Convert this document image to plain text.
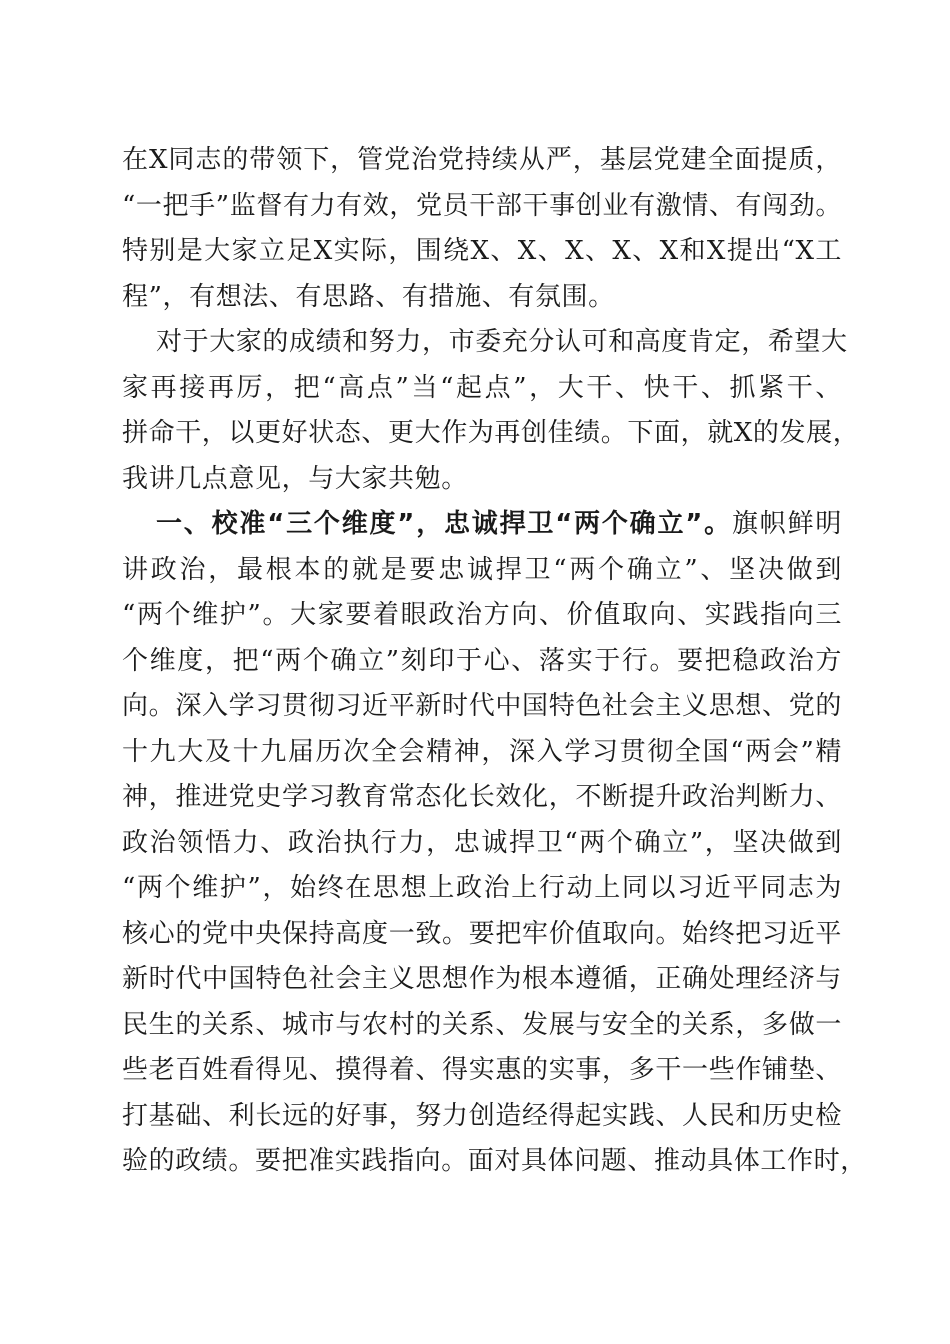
在X同志的带领下，管党治党持续从严，基层党建全面提质，
“一把手”监督有力有效，党员干部干事创业有激情、有闯劲。
特别是大家立足X实际，围绕X、X、X、X、X和X提出“X工
程”，有想法、有思路、有措施、有氛围。
对于大家的成绩和努力，市委充分认可和高度肯定，希望大
家再接再厉，把“高点”当“起点”，大干、快干、抓紧干、
拼命干，以更好状态、更大作为再创佳绩。下面，就X的发展，
我讲几点意见，与大家共勉。
一、校准“三个维度”，忠诚捍卫“两个确立”。旗帜鲜明
讲政治，最根本的就是要忠诚捍卫“两个确立”、坚决做到
“两个维护”。大家要着眼政治方向、价值取向、实践指向三
个维度，把“两个确立”刻印于心、落实于行。要把稳政治方
向。深入学习贯彻习近平新时代中国特色社会主义思想、党的
十九大及十九届历次全会精神，深入学习贯彻全国“两会”精
神，推进党史学习教育常态化长效化，不断提升政治判断力、
政治领悟力、政治执行力，忠诚捍卫“两个确立”，坚决做到
“两个维护”，始终在思想上政治上行动上同以习近平同志为
核心的党中央保持高度一致。要把牢价值取向。始终把习近平
新时代中国特色社会主义思想作为根本遵循，正确处理经济与
民生的关系、城市与农村的关系、发展与安全的关系，多做一
些老百姓看得见、摸得着、得实惠的实事，多干一些作铺垫、
打基础、利长远的好事，努力创造经得起实践、人民和历史检
验的政绩。要把准实践指向。面对具体问题、推动具体工作时，
